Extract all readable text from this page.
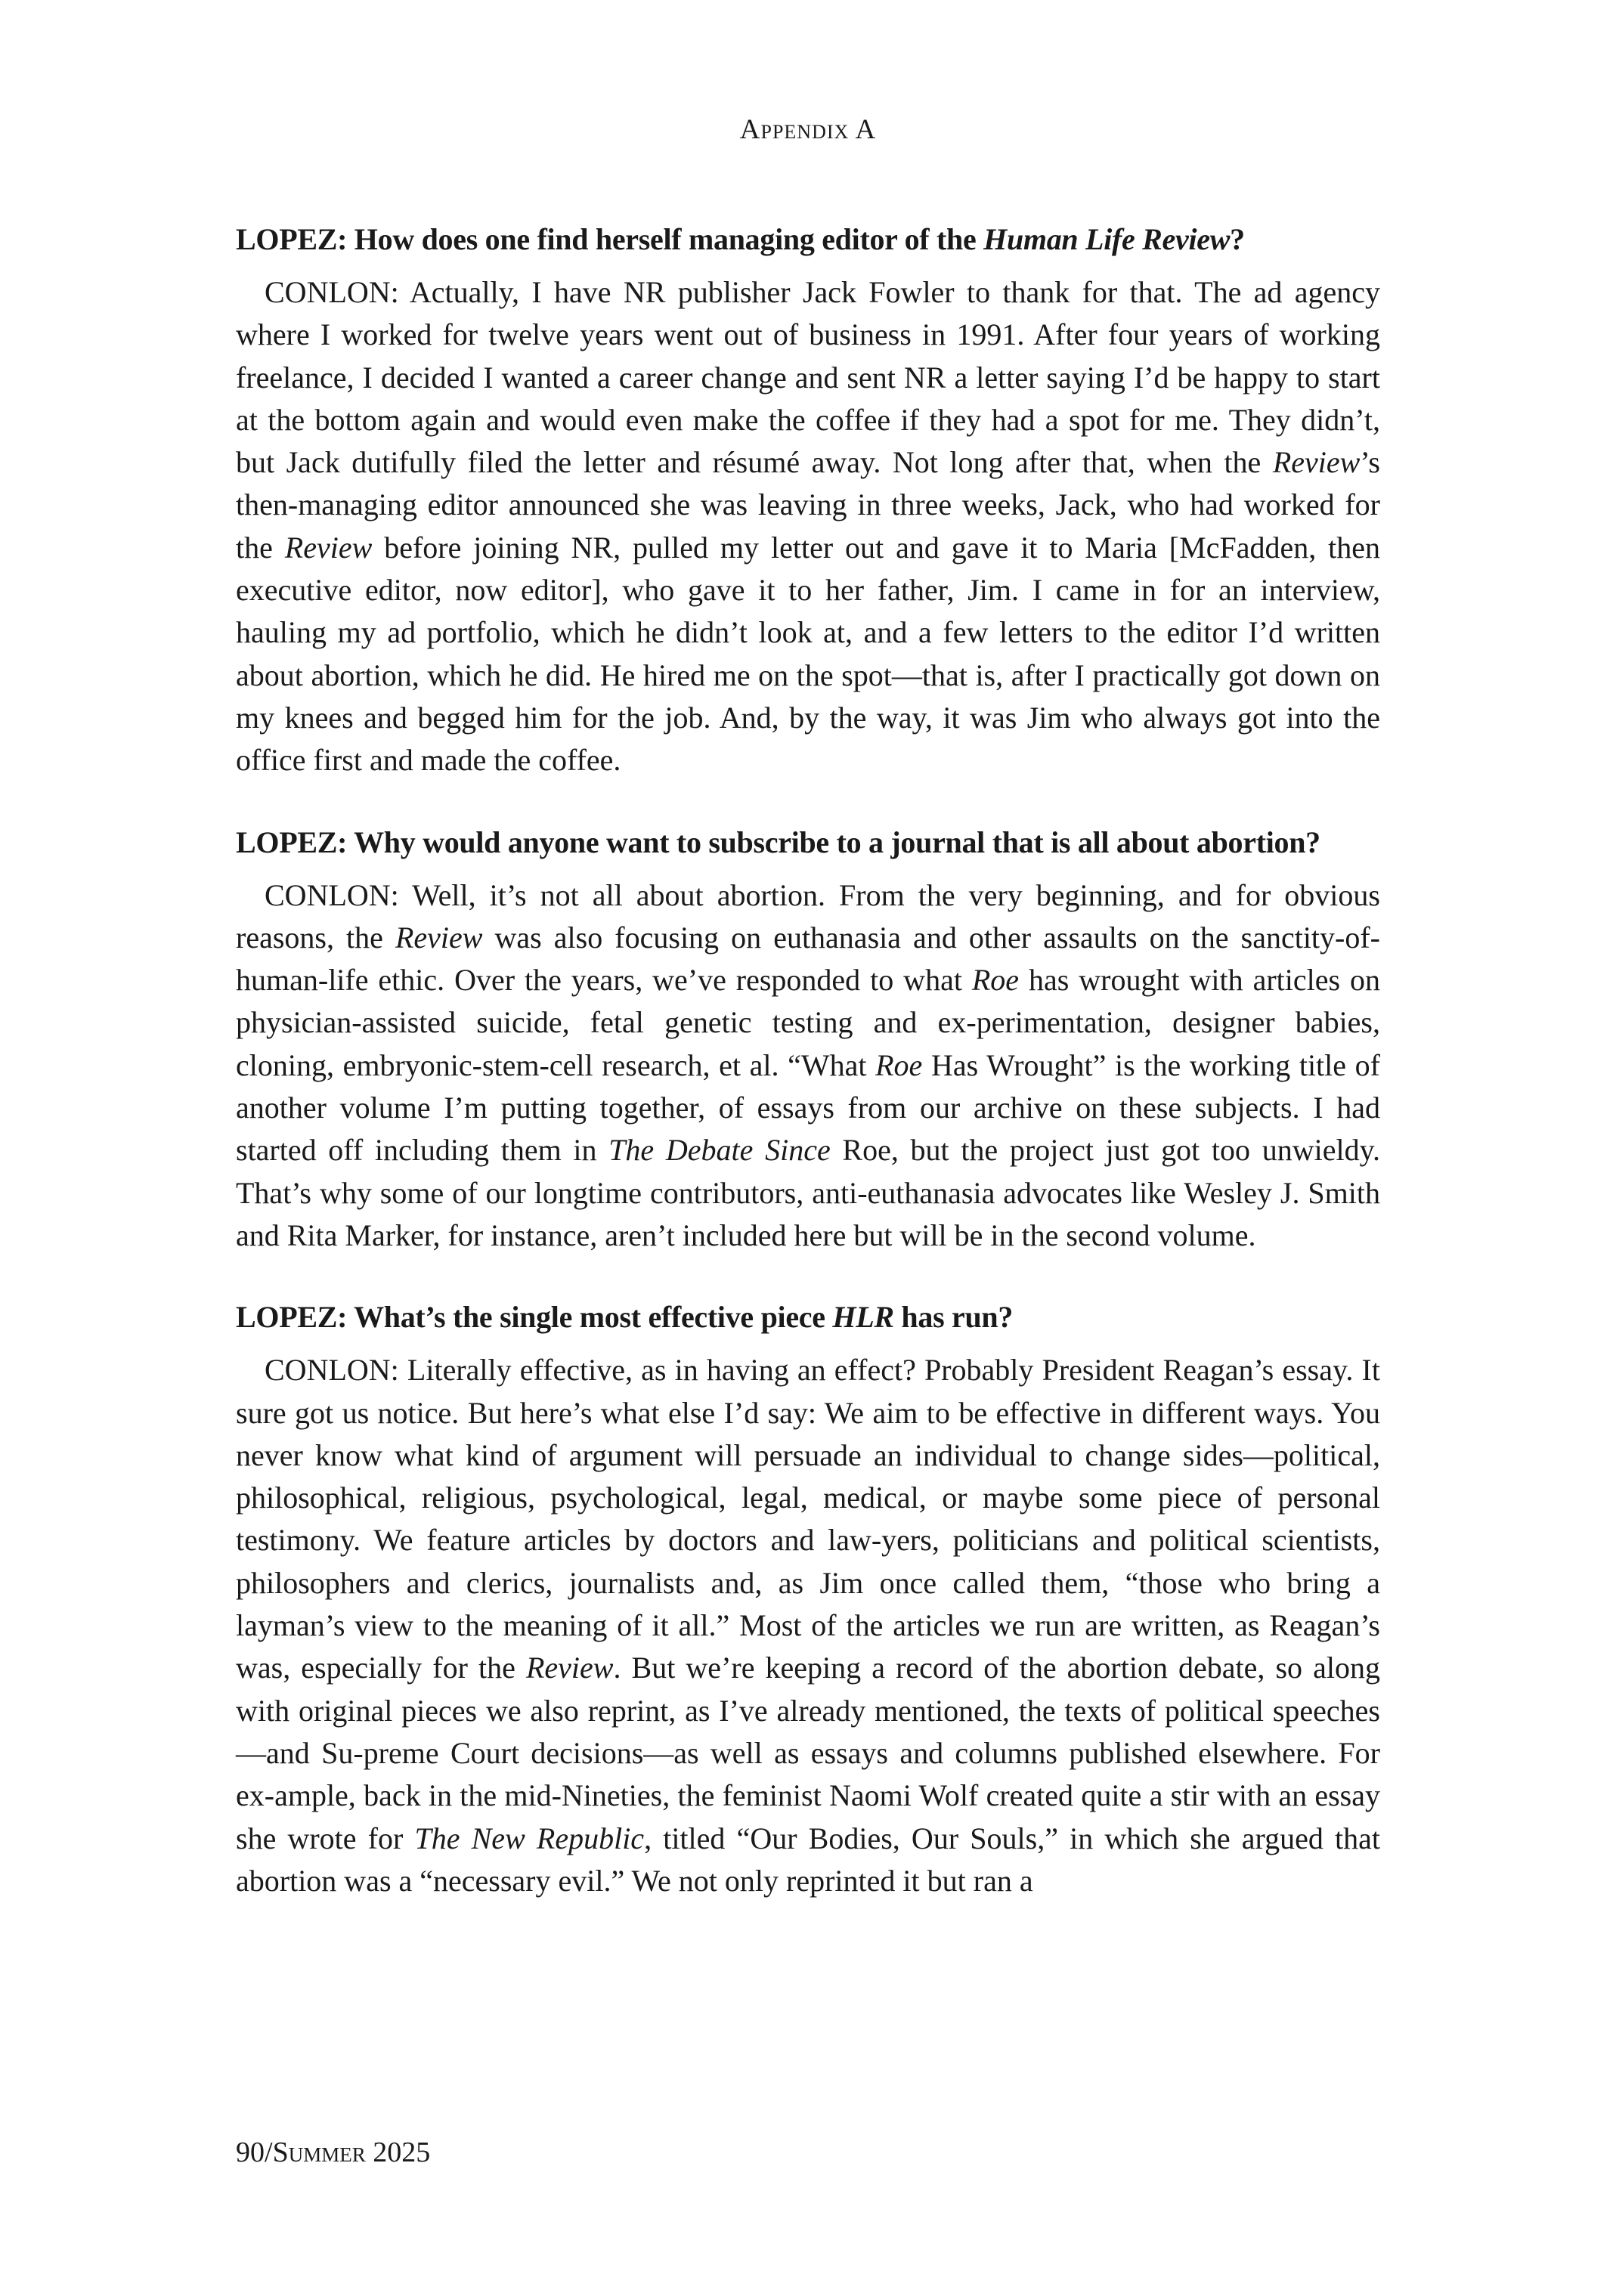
Appendix A
LOPEZ: How does one find herself managing editor of the Human Life Review?
CONLON: Actually, I have NR publisher Jack Fowler to thank for that. The ad agency where I worked for twelve years went out of business in 1991. After four years of working freelance, I decided I wanted a career change and sent NR a letter saying I’d be happy to start at the bottom again and would even make the coffee if they had a spot for me. They didn’t, but Jack dutifully filed the letter and résumé away. Not long after that, when the Review’s then-managing editor announced she was leaving in three weeks, Jack, who had worked for the Review before joining NR, pulled my letter out and gave it to Maria [McFadden, then executive editor, now editor], who gave it to her father, Jim. I came in for an interview, hauling my ad portfolio, which he didn’t look at, and a few letters to the editor I’d written about abortion, which he did. He hired me on the spot—that is, after I practically got down on my knees and begged him for the job. And, by the way, it was Jim who always got into the office first and made the coffee.
LOPEZ: Why would anyone want to subscribe to a journal that is all about abortion?
CONLON: Well, it’s not all about abortion. From the very beginning, and for obvious reasons, the Review was also focusing on euthanasia and other assaults on the sanctity-of-human-life ethic. Over the years, we’ve responded to what Roe has wrought with articles on physician-assisted suicide, fetal genetic testing and ex-perimentation, designer babies, cloning, embryonic-stem-cell research, et al. “What Roe Has Wrought” is the working title of another volume I’m putting together, of essays from our archive on these subjects. I had started off including them in The Debate Since Roe, but the project just got too unwieldy. That’s why some of our longtime contributors, anti-euthanasia advocates like Wesley J. Smith and Rita Marker, for instance, aren’t included here but will be in the second volume.
LOPEZ: What’s the single most effective piece HLR has run?
CONLON: Literally effective, as in having an effect? Probably President Reagan’s essay. It sure got us notice. But here’s what else I’d say: We aim to be effective in different ways. You never know what kind of argument will persuade an individual to change sides—political, philosophical, religious, psychological, legal, medical, or maybe some piece of personal testimony. We feature articles by doctors and law-yers, politicians and political scientists, philosophers and clerics, journalists and, as Jim once called them, “those who bring a layman’s view to the meaning of it all.” Most of the articles we run are written, as Reagan’s was, especially for the Review. But we’re keeping a record of the abortion debate, so along with original pieces we also reprint, as I’ve already mentioned, the texts of political speeches—and Su-preme Court decisions—as well as essays and columns published elsewhere. For ex-ample, back in the mid-Nineties, the feminist Naomi Wolf created quite a stir with an essay she wrote for The New Republic, titled “Our Bodies, Our Souls,” in which she argued that abortion was a “necessary evil.” We not only reprinted it but ran a
90/Summer 2025
